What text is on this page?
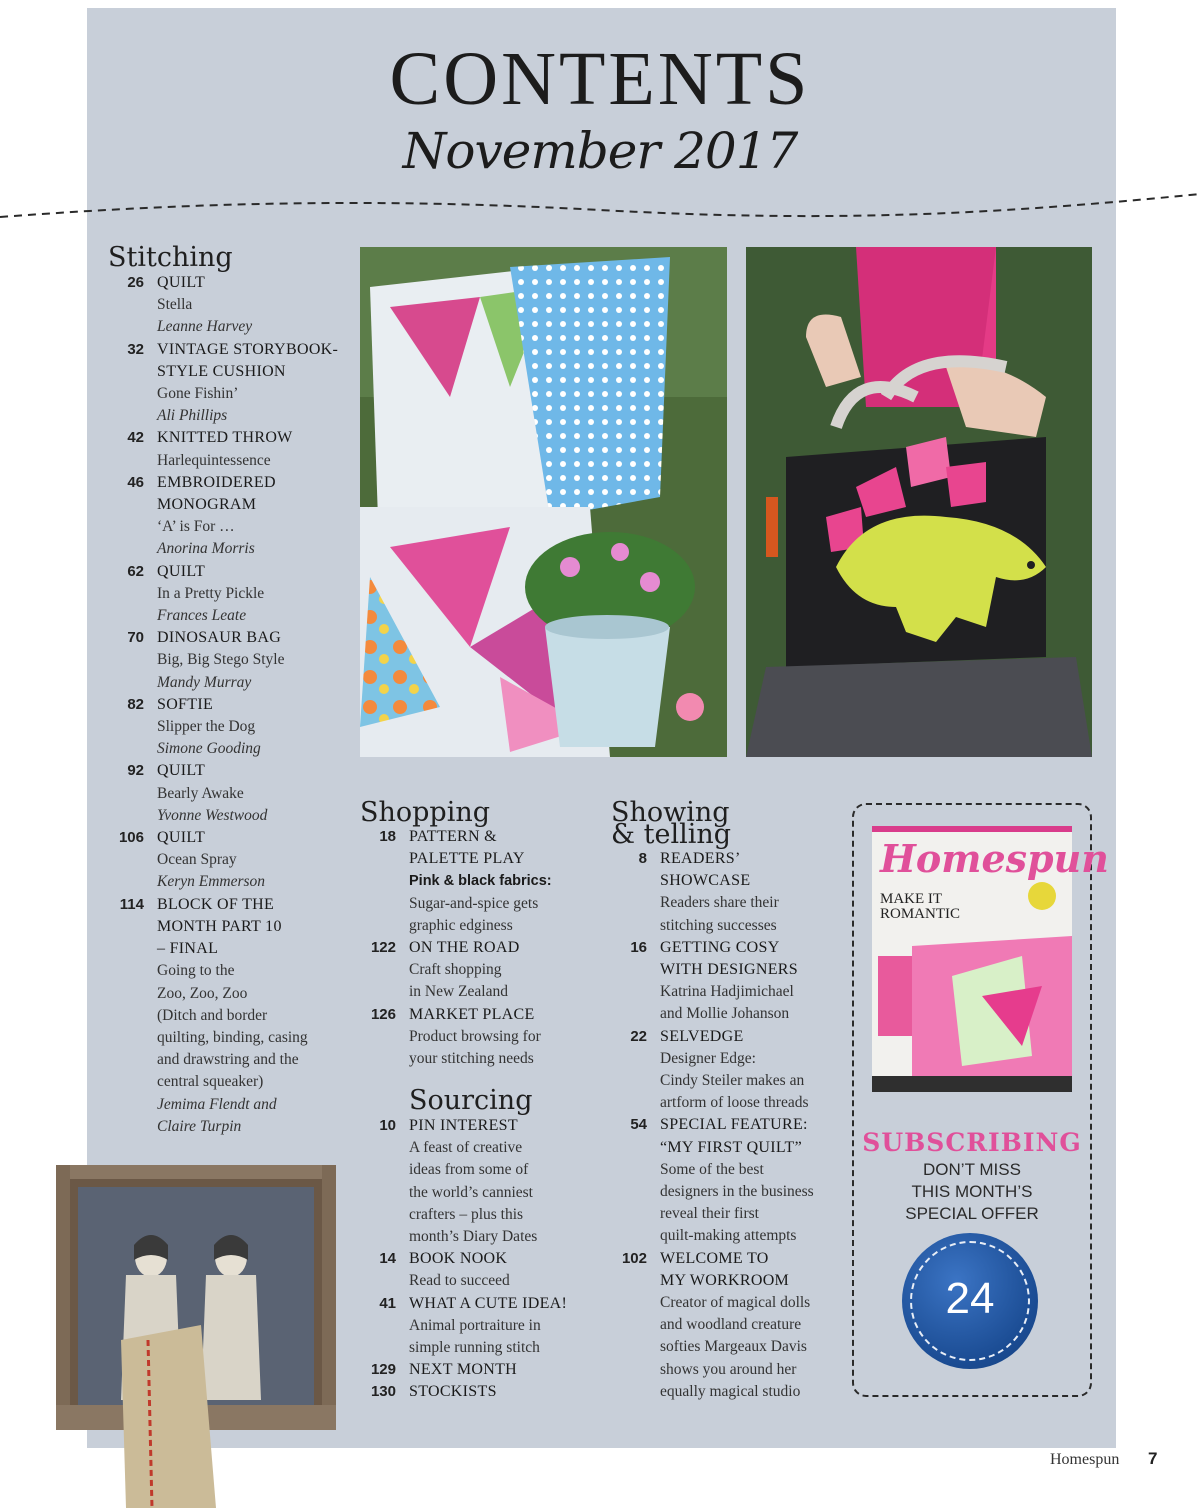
CONTENTS
November 2017
Stitching
26 QUILT
Stella
Leanne Harvey
32 VINTAGE STORYBOOK-
STYLE CUSHION
Gone Fishin’
Ali Phillips
42 KNITTED THROW
Harlequintessence
46 EMBROIDERED
MONOGRAM
‘A’ is For …
Anorina Morris
62 QUILT
In a Pretty Pickle
Frances Leate
70 DINOSAUR BAG
Big, Big Stego Style
Mandy Murray
82 SOFTIE
Slipper the Dog
Simone Gooding
92 QUILT
Bearly Awake
Yvonne Westwood
106 QUILT
Ocean Spray
Keryn Emmerson
114 BLOCK OF THE
MONTH PART 10
– FINAL
Going to the
Zoo, Zoo, Zoo
(Ditch and border
quilting, binding, casing
and drawstring and the
central squeaker)
Jemima Flendt and
Claire Turpin
Shopping
18 PATTERN &
PALETTE PLAY
Pink & black fabrics:
Sugar-and-spice gets
graphic edginess
122 ON THE ROAD
Craft shopping
in New Zealand
126 MARKET PLACE
Product browsing for
your stitching needs
Sourcing
10 PIN INTEREST
A feast of creative
ideas from some of
the world’s canniest
crafters – plus this
month’s Diary Dates
14 BOOK NOOK
Read to succeed
41 WHAT A CUTE IDEA!
Animal portraiture in
simple running stitch
129 NEXT MONTH
130 STOCKISTS
Showing
& telling
8 READERS’
SHOWCASE
Readers share their
stitching successes
16 GETTING COSY
WITH DESIGNERS
Katrina Hadjimichael
and Mollie Johanson
22 SELVEDGE
Designer Edge:
Cindy Steiler makes an
artform of loose threads
54 SPECIAL FEATURE:
“MY FIRST QUILT”
Some of the best
designers in the business
reveal their first
quilt-making attempts
102 WELCOME TO
MY WORKROOM
Creator of magical dolls
and woodland creature
softies Margeaux Davis
shows you around her
equally magical studio
Homespun
MAKE IT ROMANTIC
SUBSCRIBING
DON’T MISS
THIS MONTH’S
SPECIAL OFFER
24
Homespun 7
